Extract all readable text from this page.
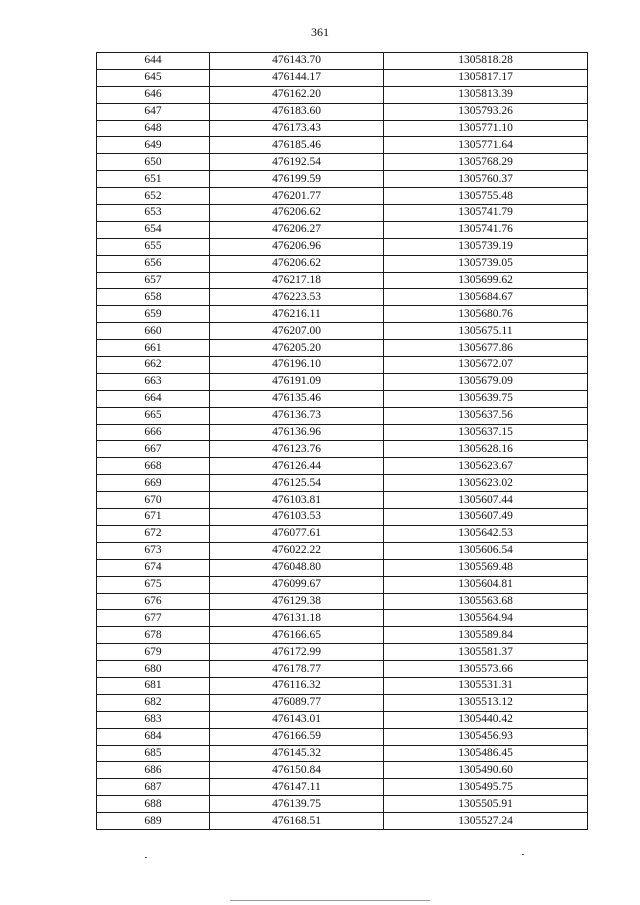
361
644	476143.70	1305818.28
645	476144.17	1305817.17
646	476162.20	1305813.39
647	476183.60	1305793.26
648	476173.43	1305771.10
649	476185.46	1305771.64
650	476192.54	1305768.29
651	476199.59	1305760.37
652	476201.77	1305755.48
653	476206.62	1305741.79
654	476206.27	1305741.76
655	476206.96	1305739.19
656	476206.62	1305739.05
657	476217.18	1305699.62
658	476223.53	1305684.67
659	476216.11	1305680.76
660	476207.00	1305675.11
661	476205.20	1305677.86
662	476196.10	1305672.07
663	476191.09	1305679.09
664	476135.46	1305639.75
665	476136.73	1305637.56
666	476136.96	1305637.15
667	476123.76	1305628.16
668	476126.44	1305623.67
669	476125.54	1305623.02
670	476103.81	1305607.44
671	476103.53	1305607.49
672	476077.61	1305642.53
673	476022.22	1305606.54
674	476048.80	1305569.48
675	476099.67	1305604.81
676	476129.38	1305563.68
677	476131.18	1305564.94
678	476166.65	1305589.84
679	476172.99	1305581.37
680	476178.77	1305573.66
681	476116.32	1305531.31
682	476089.77	1305513.12
683	476143.01	1305440.42
684	476166.59	1305456.93
685	476145.32	1305486.45
686	476150.84	1305490.60
687	476147.11	1305495.75
688	476139.75	1305505.91
689	476168.51	1305527.24
